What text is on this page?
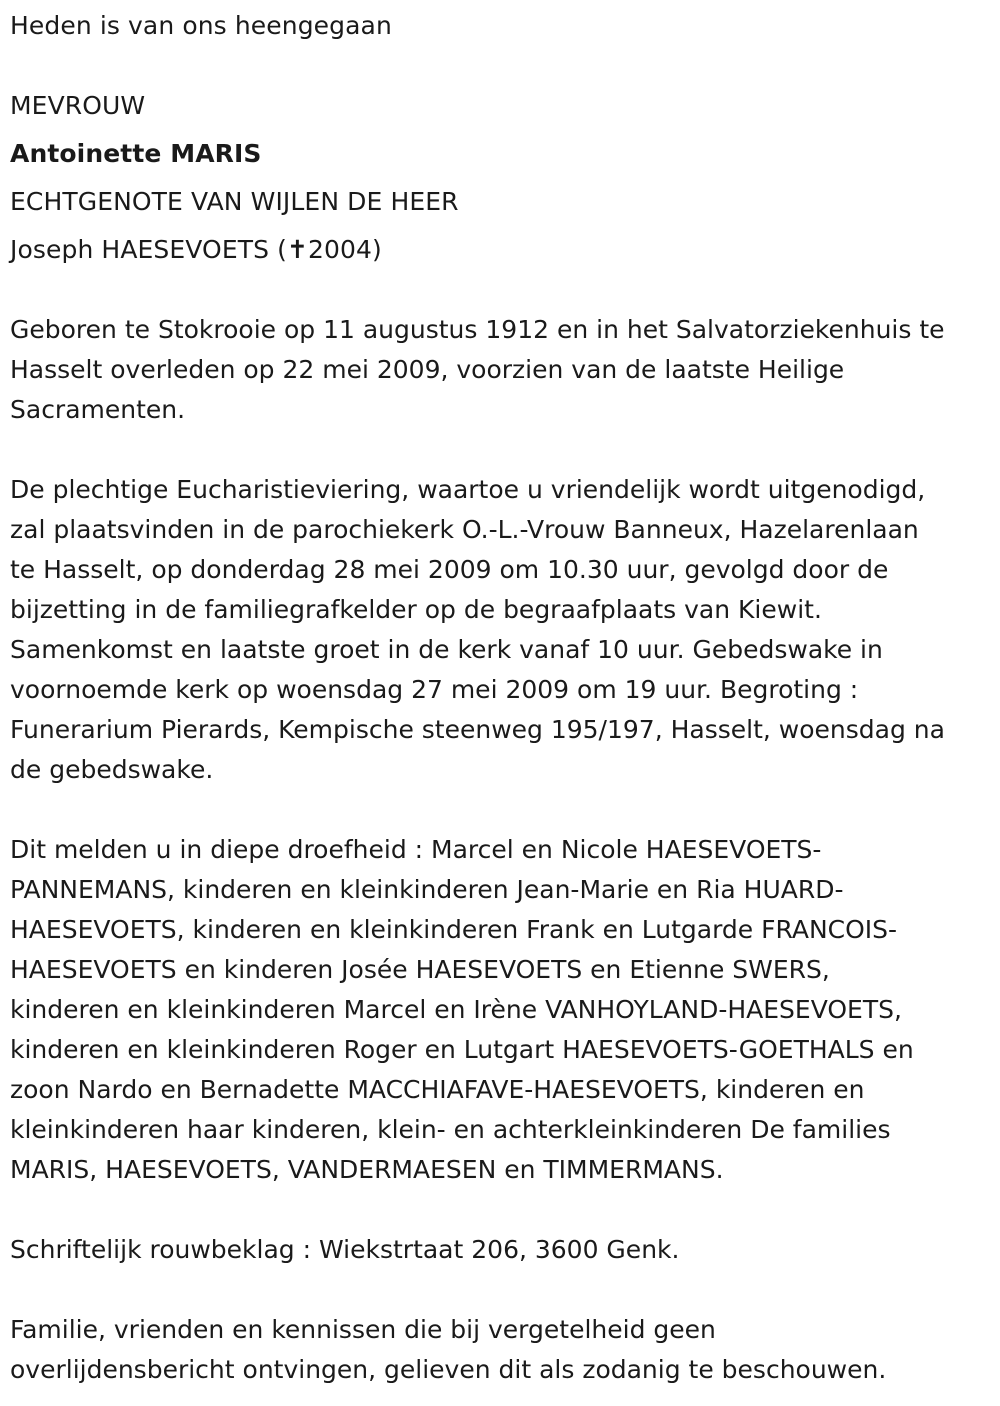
Heden is van ons heengegaan

MEVROUW

Antoinette MARIS

ECHTGENOTE VAN WIJLEN DE HEER

Joseph HAESEVOETS (✝2004)

Geboren te Stokrooie op 11 augustus 1912 en in het Salvatorziekenhuis te
Hasselt overleden op 22 mei 2009, voorzien van de laatste Heilige
Sacramenten.
De plechtige Eucharistieviering, waartoe u vriendelijk wordt uitgenodigd,
zal plaatsvinden in de parochiekerk O.-L.-Vrouw Banneux, Hazelarenlaan
te Hasselt, op donderdag 28 mei 2009 om 10.30 uur, gevolgd door de
bijzetting in de familiegrafkelder op de begraafplaats van Kiewit.
Samenkomst en laatste groet in de kerk vanaf 10 uur. Gebedswake in
voornoemde kerk op woensdag 27 mei 2009 om 19 uur. Begroting :
Funerarium Pierards, Kempische steenweg 195/197, Hasselt, woensdag na
de gebedswake.
Dit melden u in diepe droefheid : Marcel en Nicole HAESEVOETS-
PANNEMANS, kinderen en kleinkinderen Jean-Marie en Ria HUARD-
HAESEVOETS, kinderen en kleinkinderen Frank en Lutgarde FRANCOIS-
HAESEVOETS en kinderen Josée HAESEVOETS en Etienne SWERS,
kinderen en kleinkinderen Marcel en Irène VANHOYLAND-HAESEVOETS,
kinderen en kleinkinderen Roger en Lutgart HAESEVOETS-GOETHALS en
zoon Nardo en Bernadette MACCHIAFAVE-HAESEVOETS, kinderen en
kleinkinderen haar kinderen, klein- en achterkleinkinderen De families
MARIS, HAESEVOETS, VANDERMAESEN en TIMMERMANS.
Schriftelijk rouwbeklag : Wiekstrtaat 206, 3600 Genk.
Familie, vrienden en kennissen die bij vergetelheid geen
overlijdensbericht ontvingen, gelieven dit als zodanig te beschouwen.
